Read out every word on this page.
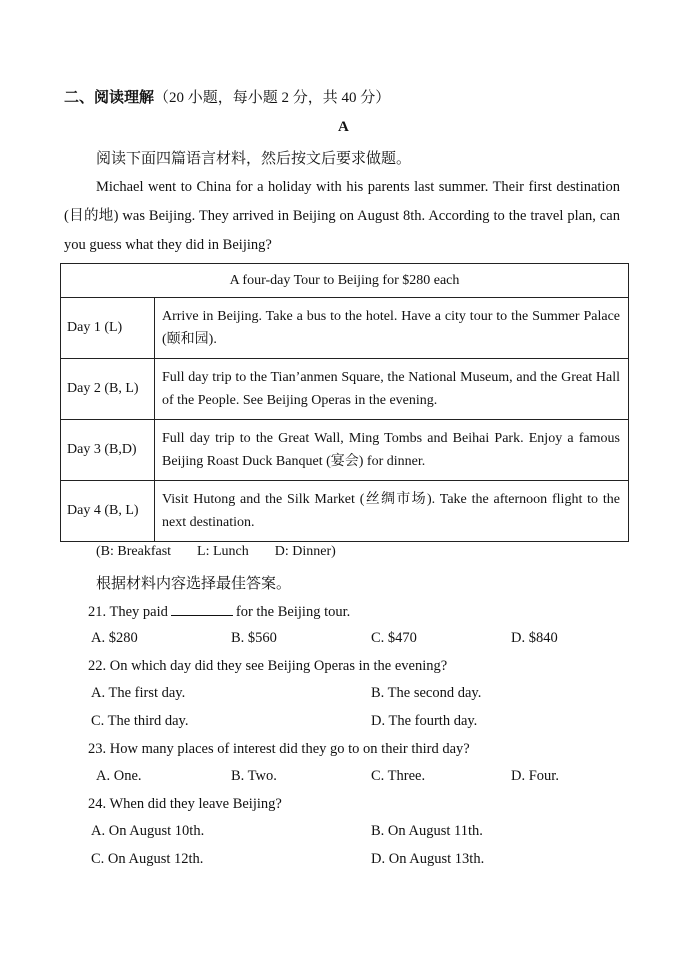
二、阅读理解（20 小题，每小题 2 分，共 40 分）
A
阅读下面四篇语言材料，然后按文后要求做题。
Michael went to China for a holiday with his parents last summer. Their first destination (目的地) was Beijing. They arrived in Beijing on August 8th. According to the travel plan, can you guess what they did in Beijing?
A four-day Tour to Beijing for $280 each	
Day 1 (L)	Arrive in Beijing. Take a bus to the hotel. Have a city tour to the Summer Palace (颐和园).
Day 2 (B, L)	Full day trip to the Tian’anmen Square, the National Museum, and the Great Hall of the People. See Beijing Operas in the evening.
Day 3 (B,D)	Full day trip to the Great Wall, Ming Tombs and Beihai Park. Enjoy a famous Beijing Roast Duck Banquet (宴会) for dinner.
Day 4 (B, L)	Visit Hutong and the Silk Market (丝绸市场). Take the afternoon flight to the next destination.
(B: Breakfast L: Lunch D: Dinner)
根据材料内容选择最佳答案。
21. They paid	for the Beijing tour.
A. $280	B. $560	C. $470	D. $840
22. On which day did they see Beijing Operas in the evening?
A. The first day.	B. The second day.
C. The third day.	D. The fourth day.
23. How many places of interest did they go to on their third day?
A. One.	B. Two.	C. Three.	D. Four.
24. When did they leave Beijing?
A. On August 10th.	B. On August 11th.
C. On August 12th.	D. On August 13th.
